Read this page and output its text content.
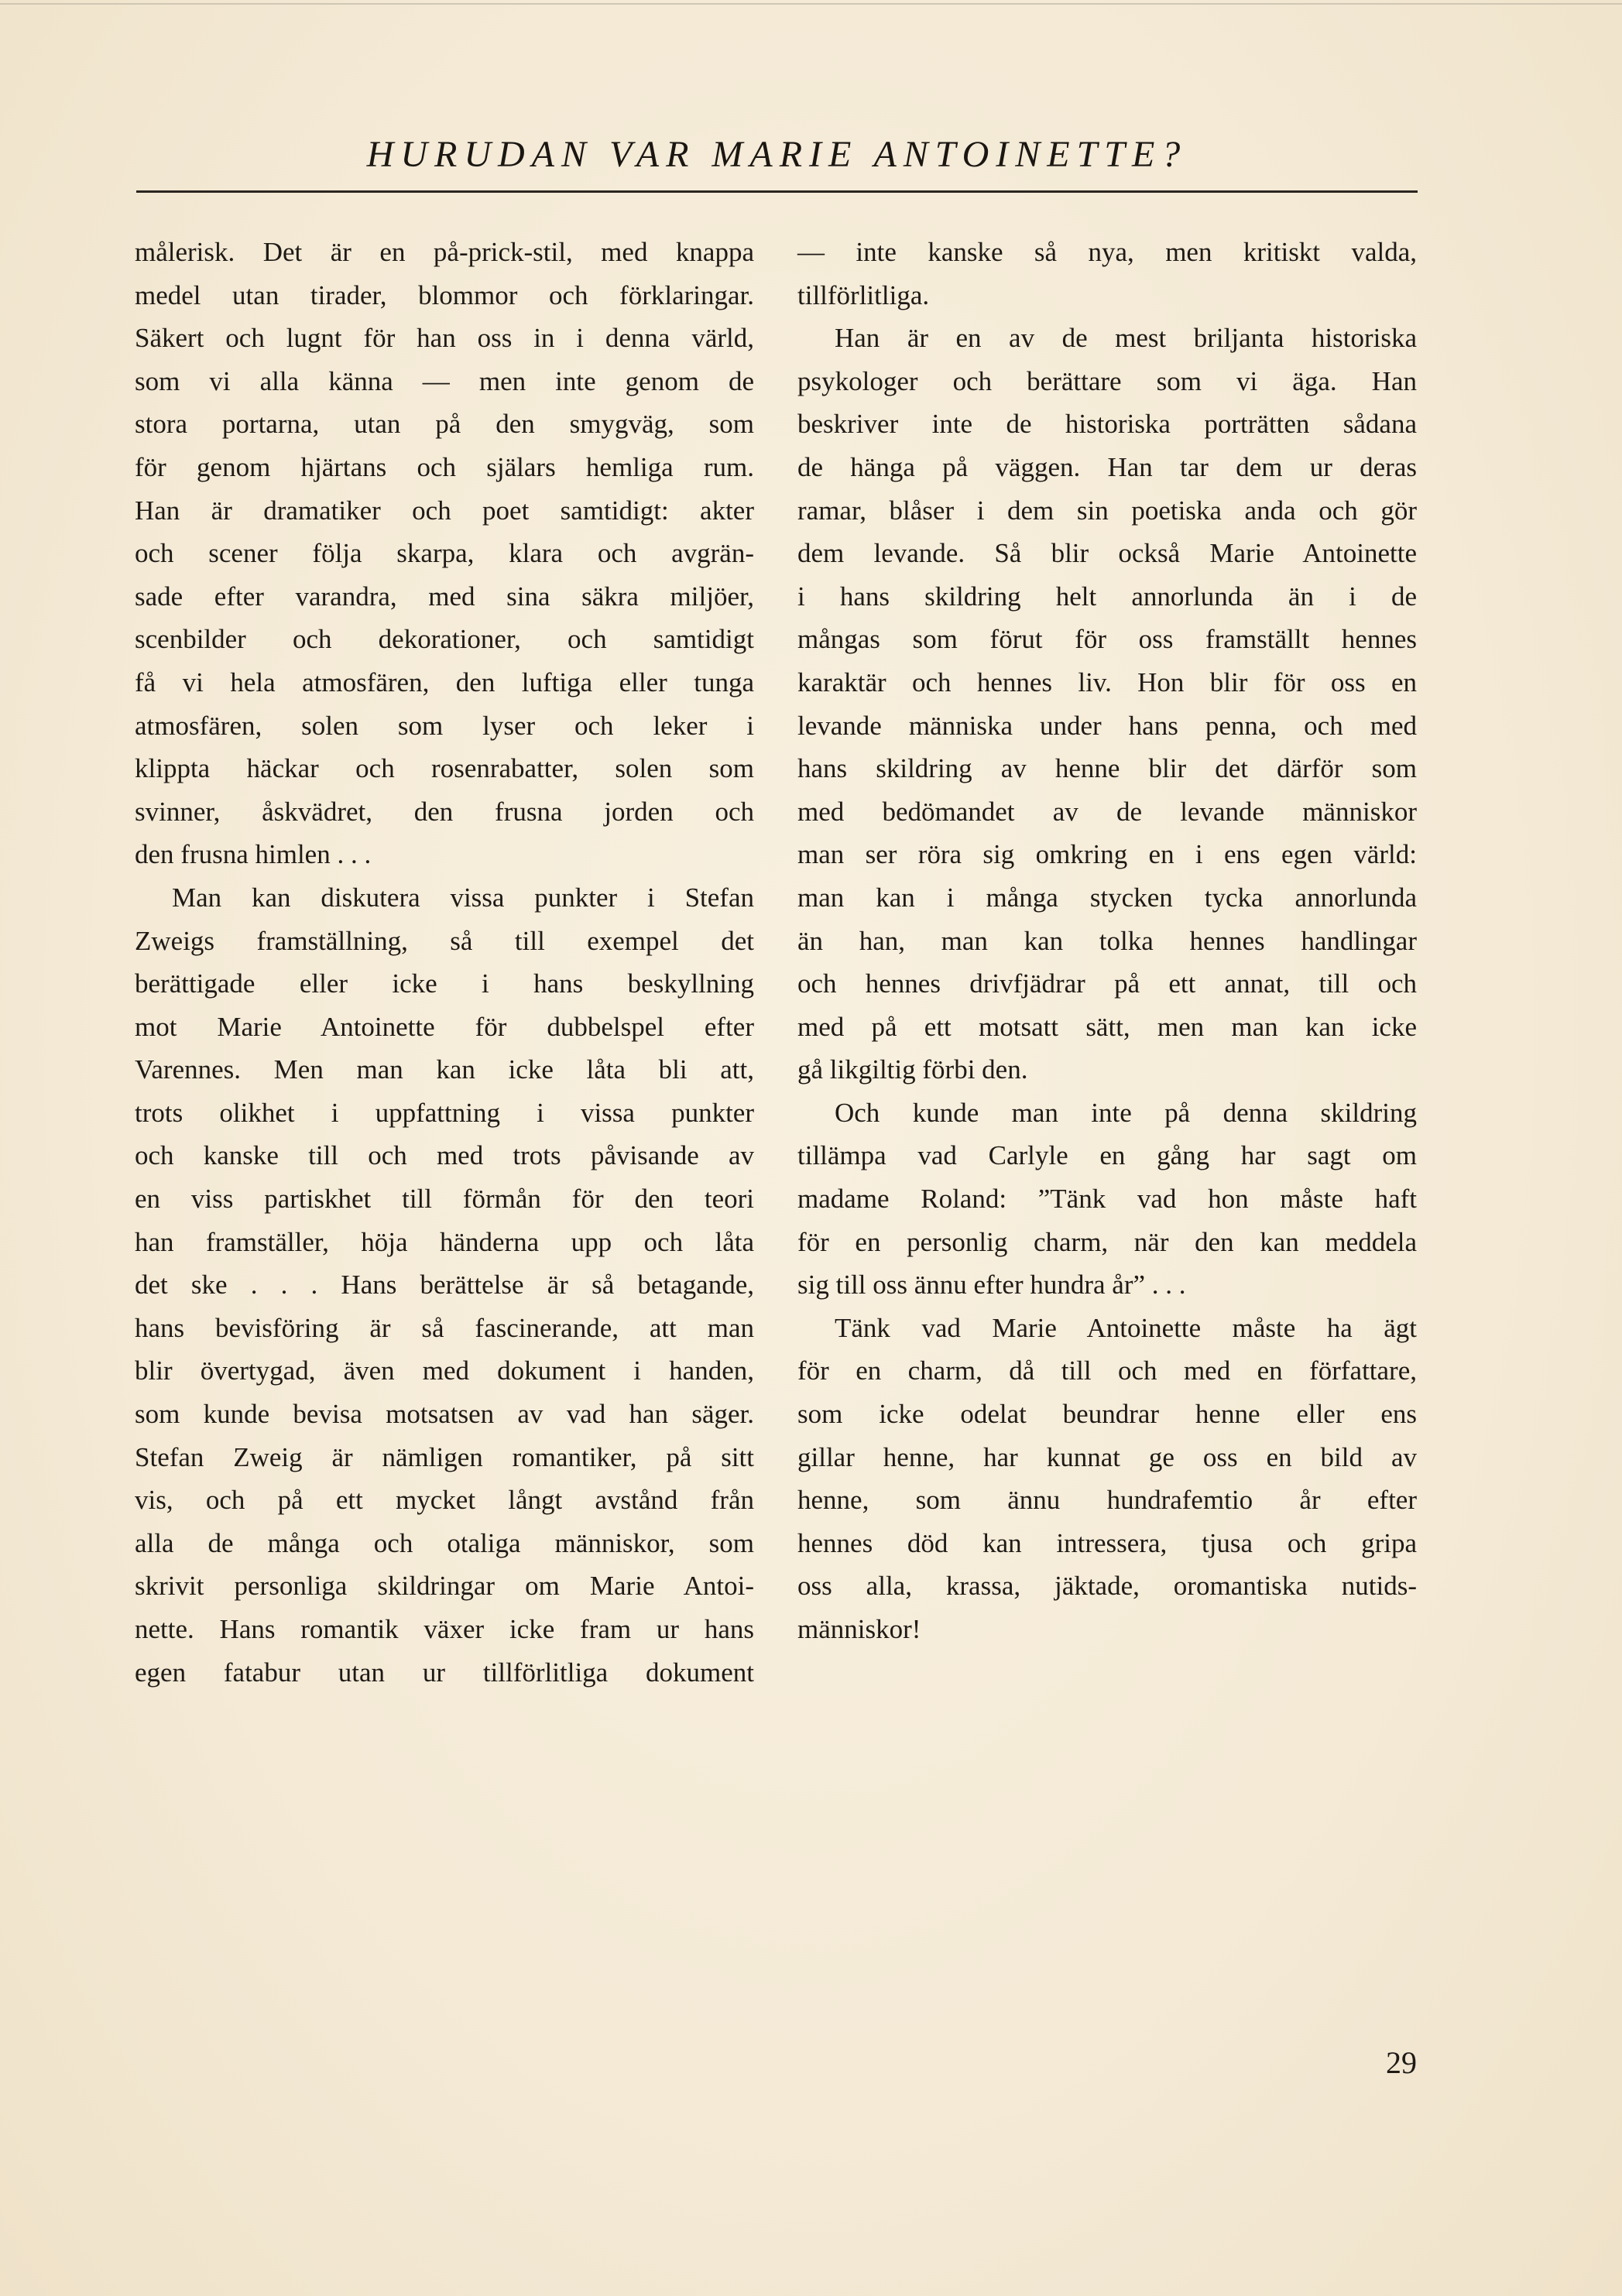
HURUDAN VAR MARIE ANTOINETTE?
målerisk. Det är en på-prick-stil, med knappa
medel utan tirader, blommor och förklaringar.
Säkert och lugnt för han oss in i denna värld,
som vi alla känna — men inte genom de
stora portarna, utan på den smygväg, som
för genom hjärtans och själars hemliga rum.
Han är dramatiker och poet samtidigt: akter
och scener följa skarpa, klara och avgrän-
sade efter varandra, med sina säkra miljöer,
scenbilder och dekorationer, och samtidigt
få vi hela atmosfären, den luftiga eller tunga
atmosfären, solen som lyser och leker i
klippta häckar och rosenrabatter, solen som
svinner, åskvädret, den frusna jorden och
den frusna himlen . . .
Man kan diskutera vissa punkter i Stefan
Zweigs framställning, så till exempel det
berättigade eller icke i hans beskyllning
mot Marie Antoinette för dubbelspel efter
Varennes. Men man kan icke låta bli att,
trots olikhet i uppfattning i vissa punkter
och kanske till och med trots påvisande av
en viss partiskhet till förmån för den teori
han framställer, höja händerna upp och låta
det ske . . . Hans berättelse är så betagande,
hans bevisföring är så fascinerande, att man
blir övertygad, även med dokument i handen,
som kunde bevisa motsatsen av vad han säger.
Stefan Zweig är nämligen romantiker, på sitt
vis, och på ett mycket långt avstånd från
alla de många och otaliga människor, som
skrivit personliga skildringar om Marie Antoi-
nette. Hans romantik växer icke fram ur hans
egen fatabur utan ur tillförlitliga dokument
— inte kanske så nya, men kritiskt valda,
tillförlitliga.
Han är en av de mest briljanta historiska
psykologer och berättare som vi äga. Han
beskriver inte de historiska porträtten sådana
de hänga på väggen. Han tar dem ur deras
ramar, blåser i dem sin poetiska anda och gör
dem levande. Så blir också Marie Antoinette
i hans skildring helt annorlunda än i de
mångas som förut för oss framställt hennes
karaktär och hennes liv. Hon blir för oss en
levande människa under hans penna, och med
hans skildring av henne blir det därför som
med bedömandet av de levande människor
man ser röra sig omkring en i ens egen värld:
man kan i många stycken tycka annorlunda
än han, man kan tolka hennes handlingar
och hennes drivfjädrar på ett annat, till och
med på ett motsatt sätt, men man kan icke
gå likgiltig förbi den.
Och kunde man inte på denna skildring
tillämpa vad Carlyle en gång har sagt om
madame Roland: ”Tänk vad hon måste haft
för en personlig charm, när den kan meddela
sig till oss ännu efter hundra år” . . .
Tänk vad Marie Antoinette måste ha ägt
för en charm, då till och med en författare,
som icke odelat beundrar henne eller ens
gillar henne, har kunnat ge oss en bild av
henne, som ännu hundrafemtio år efter
hennes död kan intressera, tjusa och gripa
oss alla, krassa, jäktade, oromantiska nutids-
människor!
29
